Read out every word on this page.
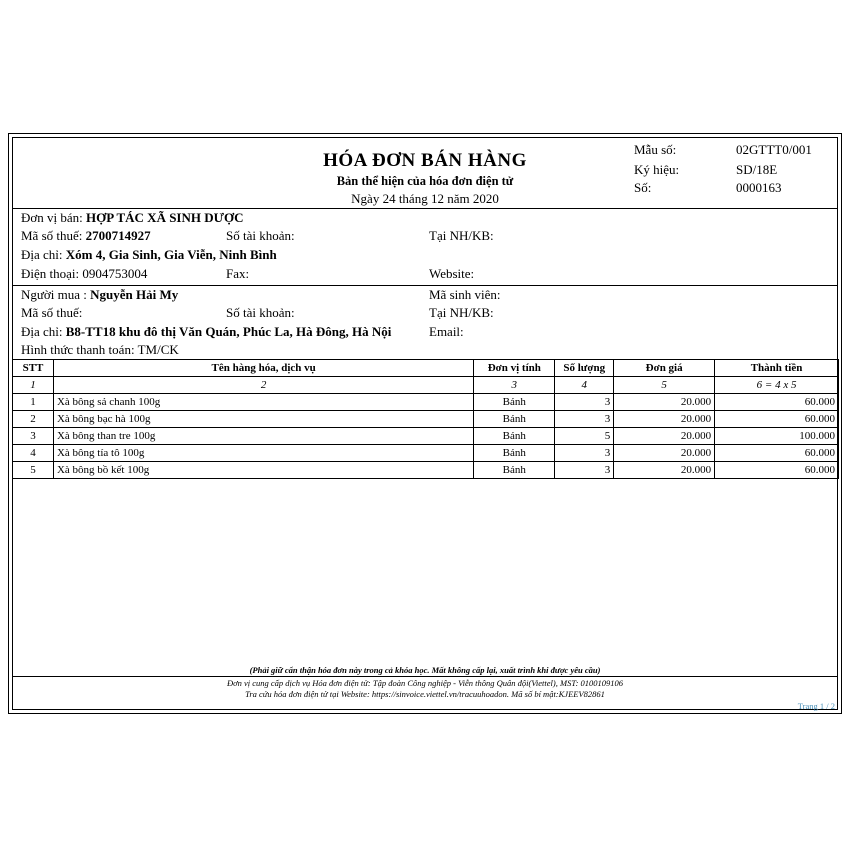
HÓA ĐƠN BÁN HÀNG
Bản thể hiện của hóa đơn điện tử
Ngày 24 tháng 12 năm 2020
Mẫu số:	02GTTT0/001
Ký hiệu:	SD/18E
Số:	0000163
Đơn vị bán: HỢP TÁC XÃ SINH DƯỢC
Mã số thuế: 2700714927	Số tài khoản:	Tại NH/KB:
Địa chỉ: Xóm 4, Gia Sinh, Gia Viễn, Ninh Bình
Điện thoại: 0904753004	Fax:	Website:
Người mua : Nguyễn Hải My	Mã sinh viên:
Mã số thuế:	Số tài khoản:	Tại NH/KB:
Địa chỉ: B8-TT18 khu đô thị Văn Quán, Phúc La, Hà Đông, Hà Nội	Email:
Hình thức thanh toán: TM/CK
STT	Tên hàng hóa, dịch vụ	Đơn vị tính	Số lượng	Đơn giá	Thành tiền
1	2	3	4	5	6 = 4 x 5
1	Xà bông sả chanh 100g	Bánh	3	20.000	60.000
2	Xà bông bạc hà 100g	Bánh	3	20.000	60.000
3	Xà bông than tre 100g	Bánh	5	20.000	100.000
4	Xà bông tía tô 100g	Bánh	3	20.000	60.000
5	Xà bông bồ kết 100g	Bánh	3	20.000	60.000
(Phải giữ cẩn thận hóa đơn này trong cả khóa học. Mất không cấp lại, xuất trình khi được yêu cầu)
Đơn vị cung cấp dịch vụ Hóa đơn điện tử: Tập đoàn Công nghiệp - Viễn thông Quân đội(Viettel), MST: 0100109106
Tra cứu hóa đơn điện tử tại Website: https://sinvoice.viettel.vn/tracuuhoadon. Mã số bí mật:KJEEV82861
Trang 1 / 2
